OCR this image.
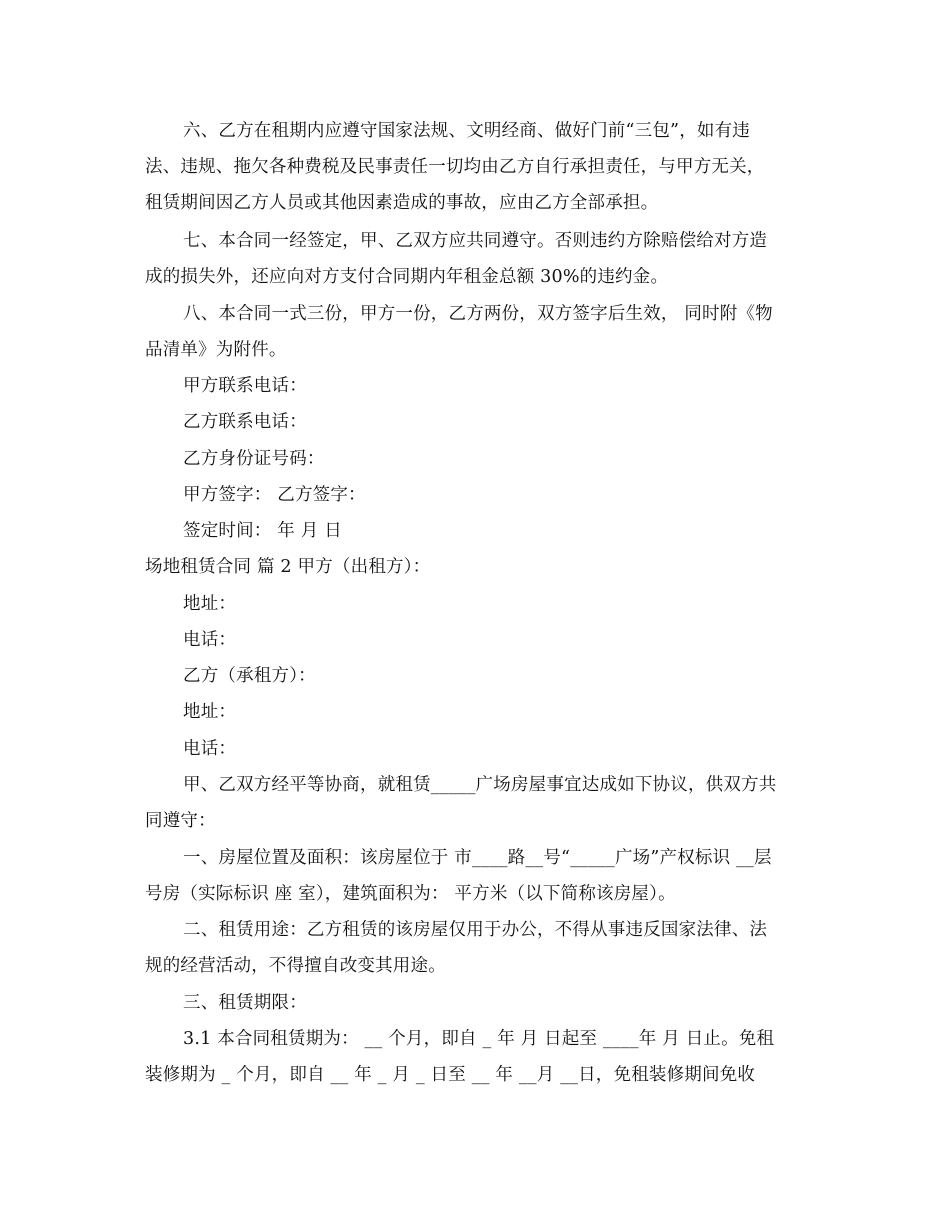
六、乙方在租期内应遵守国家法规、文明经商、做好门前“三包”，如有违
法、违规、拖欠各种费税及民事责任一切均由乙方自行承担责任，与甲方无关，
租赁期间因乙方人员或其他因素造成的事故，应由乙方全部承担。
七、本合同一经签定，甲、乙双方应共同遵守。否则违约方除赔偿给对方造
成的损失外，还应向对方支付合同期内年租金总额 30%的违约金。
八、本合同一式三份，甲方一份，乙方两份，双方签字后生效， 同时附《物
品清单》为附件。
甲方联系电话：
乙方联系电话：
乙方身份证号码：
甲方签字： 乙方签字：
签定时间： 年 月 日
场地租赁合同 篇 2 甲方（出租方）：
地址：
电话：
乙方（承租方）：
地址：
电话：
甲、乙双方经平等协商，就租赁_____广场房屋事宜达成如下协议，供双方共
同遵守：
一、房屋位置及面积：该房屋位于 市____路__号“_____广场”产权标识 __层
号房（实际标识 座 室），建筑面积为： 平方米（以下简称该房屋）。
二、租赁用途：乙方租赁的该房屋仅用于办公，不得从事违反国家法律、法
规的经营活动，不得擅自改变其用途。
三、租赁期限：
3.1 本合同租赁期为： __ 个月，即自 _ 年 月 日起至 ____年 月 日止。免租
装修期为 _ 个月，即自 __ 年 _ 月 _ 日至 __ 年 __月 __日，免租装修期间免收
